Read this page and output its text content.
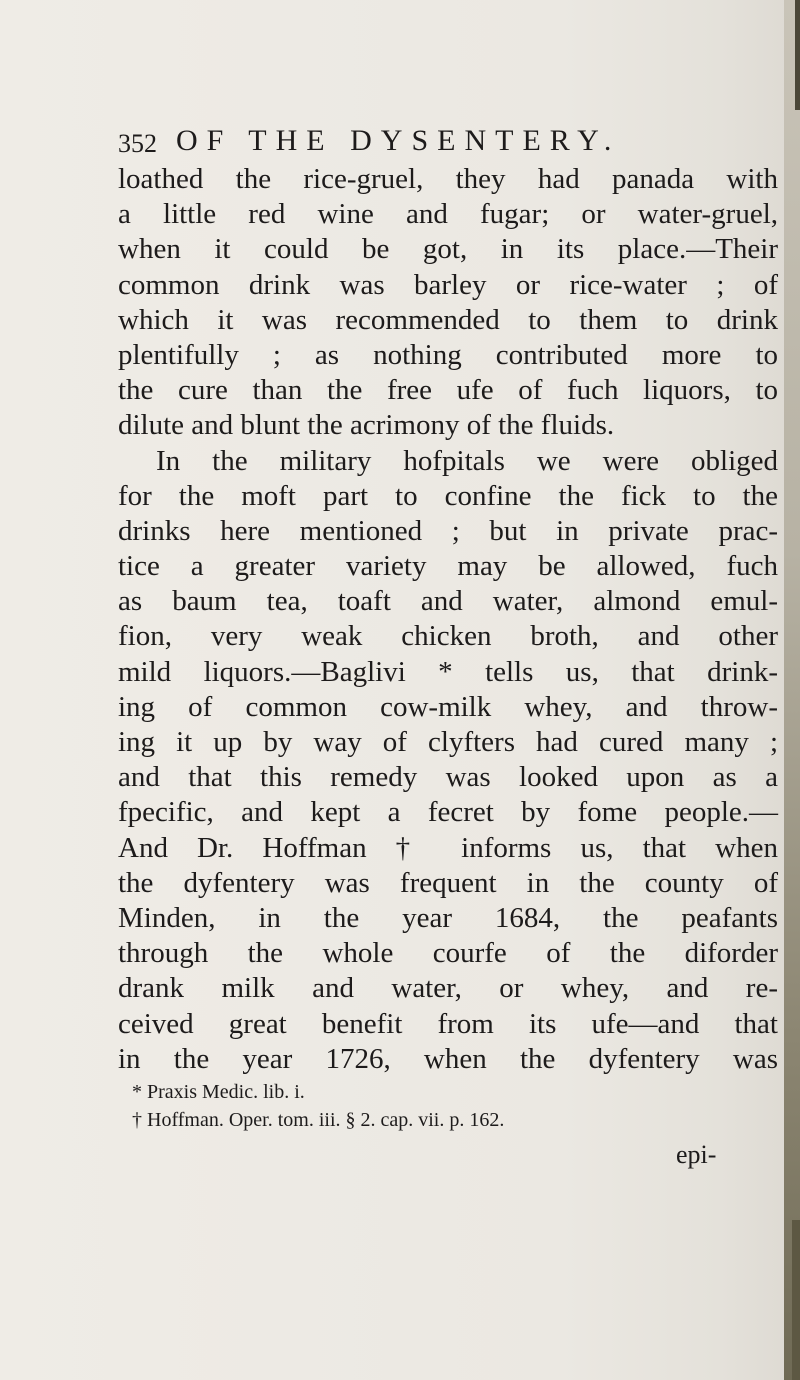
352 OF THE DYSENTERY.
loathed the rice-gruel, they had panada with
a little red wine and fugar; or water-gruel,
when it could be got, in its place.—Their
common drink was barley or rice-water ; of
which it was recommended to them to drink
plentifully ; as nothing contributed more to
the cure than the free ufe of fuch liquors, to
dilute and blunt the acrimony of the fluids.
In the military hofpitals we were obliged
for the moft part to confine the fick to the
drinks here mentioned ; but in private prac-
tice a greater variety may be allowed, fuch
as baum tea, toaft and water, almond emul-
fion, very weak chicken broth, and other
mild liquors.—Baglivi * tells us, that drink-
ing of common cow-milk whey, and throw-
ing it up by way of clyfters had cured many ;
and that this remedy was looked upon as a
fpecific, and kept a fecret by fome people.—
And Dr. Hoffman † informs us, that when
the dyfentery was frequent in the county of
Minden, in the year 1684, the peafants
through the whole courfe of the diforder
drank milk and water, or whey, and re-
ceived great benefit from its ufe—and that
in the year 1726, when the dyfentery was
* Praxis Medic. lib. i.
† Hoffman. Oper. tom. iii. § 2. cap. vii. p. 162.
epi-
